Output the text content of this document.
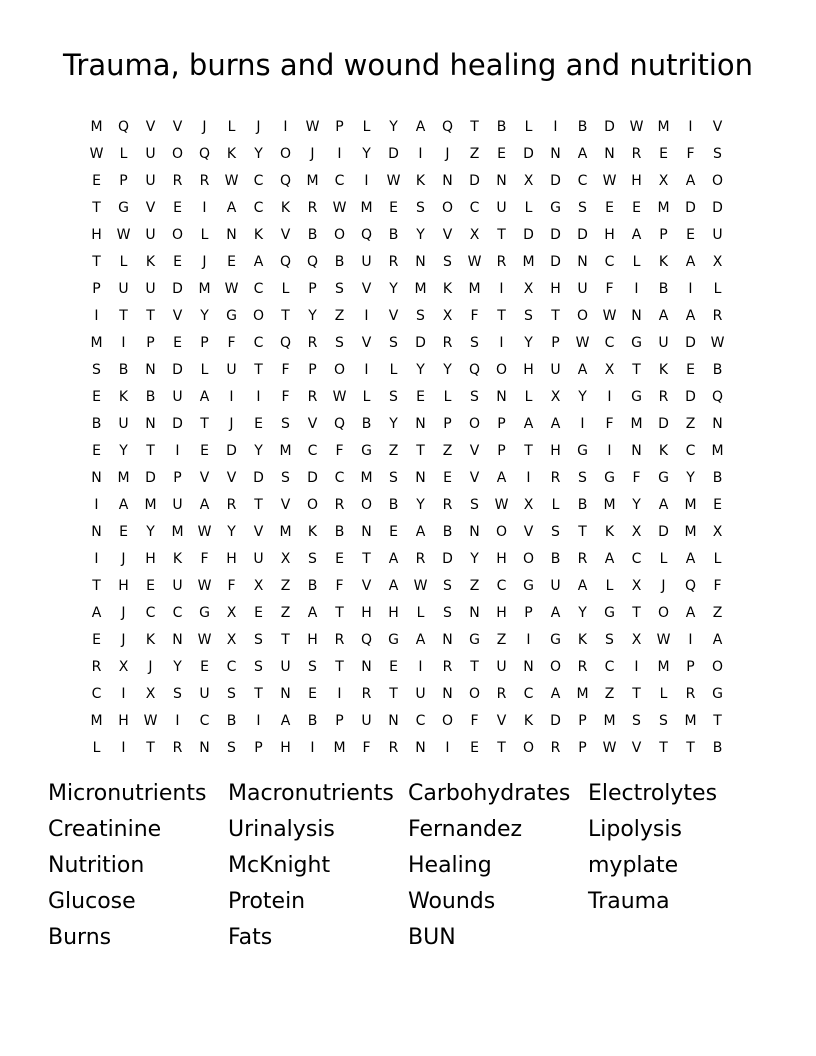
Trauma, burns and wound healing and nutrition
M	Q	V	V	J	L	J	I	W	P	L	Y	A	Q	T	B	L	I	B	D	W	M	I	V
W	L	U	O	Q	K	Y	O	J	I	Y	D	I	J	Z	E	D	N	A	N	R	E	F	S
E	P	U	R	R	W	C	Q	M	C	I	W	K	N	D	N	X	D	C	W	H	X	A	O
T	G	V	E	I	A	C	K	R	W	M	E	S	O	C	U	L	G	S	E	E	M	D	D
H	W	U	O	L	N	K	V	B	O	Q	B	Y	V	X	T	D	D	D	H	A	P	E	U
T	L	K	E	J	E	A	Q	Q	B	U	R	N	S	W	R	M	D	N	C	L	K	A	X
P	U	U	D	M	W	C	L	P	S	V	Y	M	K	M	I	X	H	U	F	I	B	I	L
I	T	T	V	Y	G	O	T	Y	Z	I	V	S	X	F	T	S	T	O	W	N	A	A	R
M	I	P	E	P	F	C	Q	R	S	V	S	D	R	S	I	Y	P	W	C	G	U	D	W
S	B	N	D	L	U	T	F	P	O	I	L	Y	Y	Q	O	H	U	A	X	T	K	E	B
E	K	B	U	A	I	I	F	R	W	L	S	E	L	S	N	L	X	Y	I	G	R	D	Q
B	U	N	D	T	J	E	S	V	Q	B	Y	N	P	O	P	A	A	I	F	M	D	Z	N
E	Y	T	I	E	D	Y	M	C	F	G	Z	T	Z	V	P	T	H	G	I	N	K	C	M
N	M	D	P	V	V	D	S	D	C	M	S	N	E	V	A	I	R	S	G	F	G	Y	B
I	A	M	U	A	R	T	V	O	R	O	B	Y	R	S	W	X	L	B	M	Y	A	M	E
N	E	Y	M	W	Y	V	M	K	B	N	E	A	B	N	O	V	S	T	K	X	D	M	X
I	J	H	K	F	H	U	X	S	E	T	A	R	D	Y	H	O	B	R	A	C	L	A	L
T	H	E	U	W	F	X	Z	B	F	V	A	W	S	Z	C	G	U	A	L	X	J	Q	F
A	J	C	C	G	X	E	Z	A	T	H	H	L	S	N	H	P	A	Y	G	T	O	A	Z
E	J	K	N	W	X	S	T	H	R	Q	G	A	N	G	Z	I	G	K	S	X	W	I	A
R	X	J	Y	E	C	S	U	S	T	N	E	I	R	T	U	N	O	R	C	I	M	P	O
C	I	X	S	U	S	T	N	E	I	R	T	U	N	O	R	C	A	M	Z	T	L	R	G
M	H	W	I	C	B	I	A	B	P	U	N	C	O	F	V	K	D	P	M	S	S	M	T
L	I	T	R	N	S	P	H	I	M	F	R	N	I	E	T	O	R	P	W	V	T	T	B
Micronutrients Macronutrients Carbohydrates Electrolytes
Creatinine	Urinalysis	Fernandez	Lipolysis
Nutrition	McKnight	Healing	myplate
Glucose	Protein	Wounds	Trauma
Burns	Fats	BUN
